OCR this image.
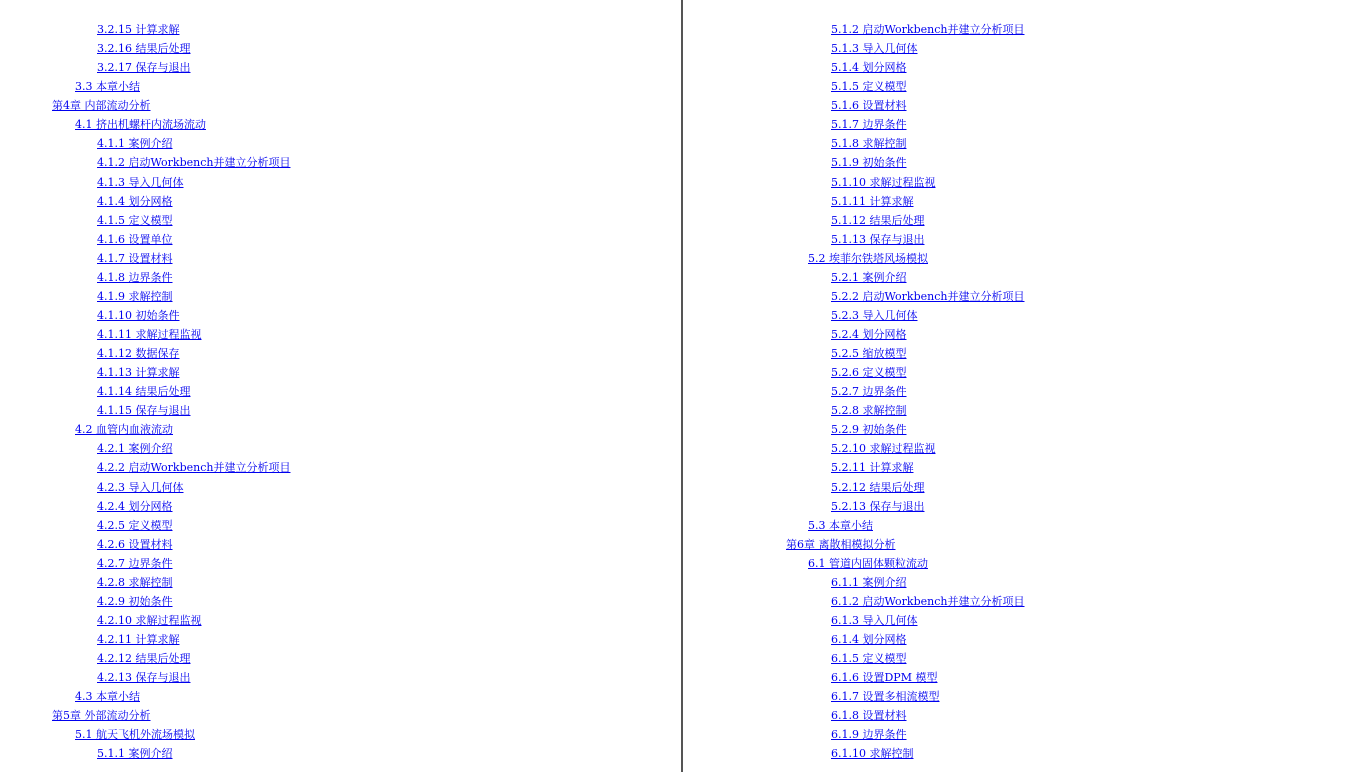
3.2.15 计算求解
3.2.16 结果后处理
3.2.17 保存与退出
3.3 本章小结
第4章 内部流动分析
4.1 挤出机螺杆内流场流动
4.1.1 案例介绍
4.1.2 启动Workbench并建立分析项目
4.1.3 导入几何体
4.1.4 划分网格
4.1.5 定义模型
4.1.6 设置单位
4.1.7 设置材料
4.1.8 边界条件
4.1.9 求解控制
4.1.10 初始条件
4.1.11 求解过程监视
4.1.12 数据保存
4.1.13 计算求解
4.1.14 结果后处理
4.1.15 保存与退出
4.2 血管内血液流动
4.2.1 案例介绍
4.2.2 启动Workbench并建立分析项目
4.2.3 导入几何体
4.2.4 划分网格
4.2.5 定义模型
4.2.6 设置材料
4.2.7 边界条件
4.2.8 求解控制
4.2.9 初始条件
4.2.10 求解过程监视
4.2.11 计算求解
4.2.12 结果后处理
4.2.13 保存与退出
4.3 本章小结
第5章 外部流动分析
5.1 航天飞机外流场模拟
5.1.1 案例介绍
5.1.2 启动Workbench并建立分析项目
5.1.3 导入几何体
5.1.4 划分网格
5.1.5 定义模型
5.1.6 设置材料
5.1.7 边界条件
5.1.8 求解控制
5.1.9 初始条件
5.1.10 求解过程监视
5.1.11 计算求解
5.1.12 结果后处理
5.1.13 保存与退出
5.2 埃菲尔铁塔风场模拟
5.2.1 案例介绍
5.2.2 启动Workbench并建立分析项目
5.2.3 导入几何体
5.2.4 划分网格
5.2.5 缩放模型
5.2.6 定义模型
5.2.7 边界条件
5.2.8 求解控制
5.2.9 初始条件
5.2.10 求解过程监视
5.2.11 计算求解
5.2.12 结果后处理
5.2.13 保存与退出
5.3 本章小结
第6章 离散相模拟分析
6.1 管道内固体颗粒流动
6.1.1 案例介绍
6.1.2 启动Workbench并建立分析项目
6.1.3 导入几何体
6.1.4 划分网格
6.1.5 定义模型
6.1.6 设置DPM 模型
6.1.7 设置多相流模型
6.1.8 设置材料
6.1.9 边界条件
6.1.10 求解控制
